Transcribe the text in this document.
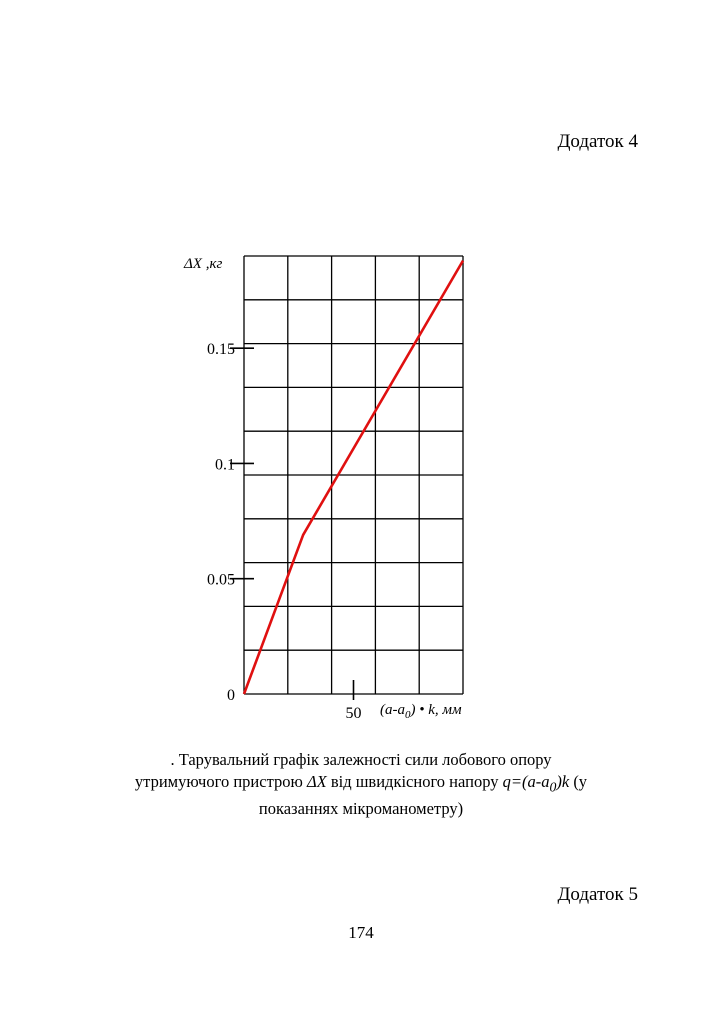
Додаток 4
0
0.05
0.1
0.15
50
ΔX ,кг
$(a-a_0)$ • k, мм
. Тарувальний графік залежності сили лобового опору утримуючого пристрою ΔX від швидкісного напору $q=(a-a_0)k$ (у показаннях мікроманометру)
Додаток 5
174
